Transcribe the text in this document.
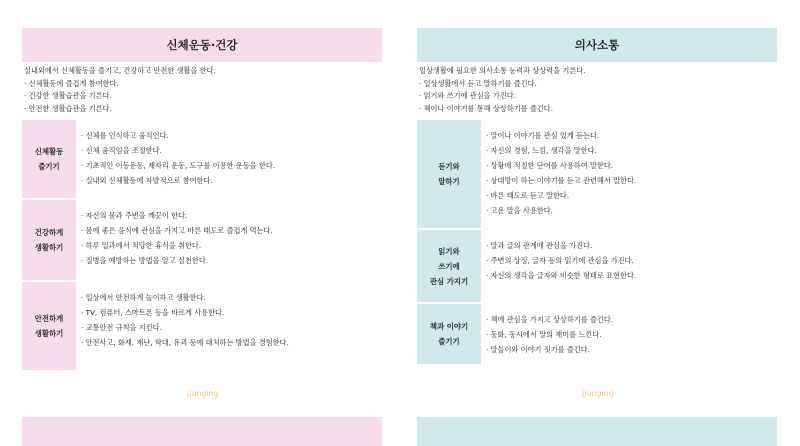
신체운동·건강
실내외에서 신체활동을 즐기고, 건강하고 안전한 생활을 한다.
· 신체활동에 즐겁게 참여한다.
· 건강한 생활습관을 기른다.
· 안전한 생활습관을 기른다.
신체활동
즐기기
· 신체를 인식하고 움직인다.
· 신체 움직임을 조절한다.
· 기초적인 이동운동, 제자리 운동, 도구를 이용한 운동을 한다.
· 실내외 신체활동에 자발적으로 참여한다.
건강하게
생활하기
· 자신의 몸과 주변을 깨끗이 한다.
· 몸에 좋은 음식에 관심을 가지고 바른 태도로 즐겁게 먹는다.
· 하루 일과에서 적당한 휴식을 취한다.
· 질병을 예방하는 방법을 알고 실천한다.
안전하게
생활하기
· 일상에서 안전하게 놀이하고 생활한다.
· TV, 컴퓨터, 스마트폰 등을 바르게 사용한다.
· 교통안전 규칙을 지킨다.
· 안전사고, 화재, 재난, 학대, 유괴 등에 대처하는 방법을 경험한다.
의사소통
일상생활에 필요한 의사소통 능력과 상상력을 기른다.
· 일상생활에서 듣고 말하기를 즐긴다.
· 읽기와 쓰기에 관심을 가진다.
· 책이나 이야기를 통해 상상하기를 즐긴다.
듣기와
말하기
· 말이나 이야기를 관심 있게 듣는다.
· 자신의 경험, 느낌, 생각을 말한다.
· 상황에 적절한 단어를 사용하여 말한다.
· 상대방이 하는 이야기를 듣고 관련해서 말한다.
· 바른 태도로 듣고 말한다.
· 고운 말을 사용한다.
읽기와
쓰기에
관심 가지기
· 말과 글의 관계에 관심을 가진다.
· 주변의 상징, 글자 등의 읽기에 관심을 가진다.
· 자신의 생각을 글자와 비슷한 형태로 표현한다.
책과 이야기
즐기기
· 책에 관심을 가지고 상상하기를 즐긴다.
· 동화, 동시에서 말의 재미를 느낀다.
· 말놀이와 이야기 짓기를 즐긴다.
jjunging	jjunging
